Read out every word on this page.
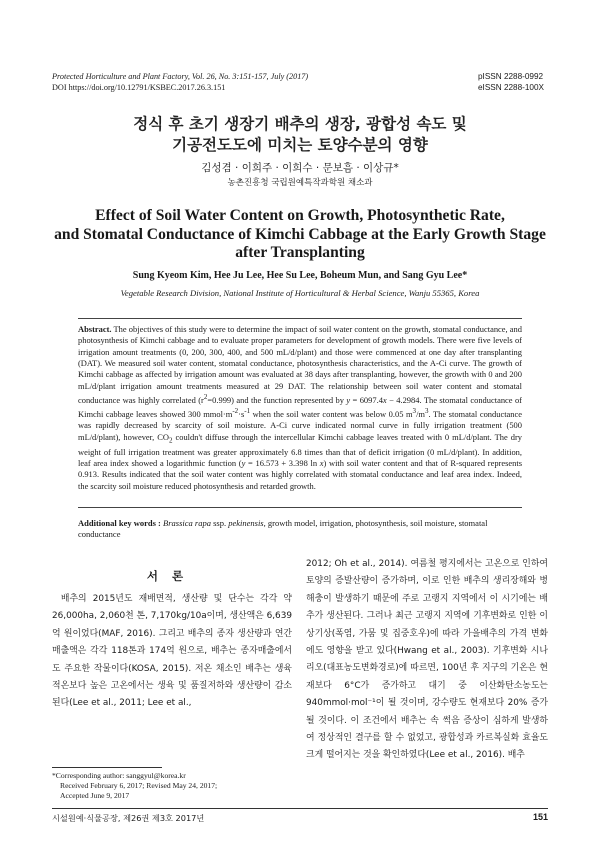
Protected Horticulture and Plant Factory, Vol. 26, No. 3:151-157, July (2017)
DOI https://doi.org/10.12791/KSBEC.2017.26.3.151
pISSN 2288-0992
eISSN 2288-100X
정식 후 초기 생장기 배추의 생장, 광합성 속도 및
기공전도도에 미치는 토양수분의 영향
김성겸 · 이희주 · 이희수 · 문보흠 · 이상규*
농촌진흥청 국립원예특작과학원 채소과
Effect of Soil Water Content on Growth, Photosynthetic Rate,
and Stomatal Conductance of Kimchi Cabbage at the Early Growth Stage
after Transplanting
Sung Kyeom Kim, Hee Ju Lee, Hee Su Lee, Boheum Mun, and Sang Gyu Lee*
Vegetable Research Division, National Institute of Horticultural & Herbal Science, Wanju 55365, Korea
Abstract. The objectives of this study were to determine the impact of soil water content on the growth, stomatal conductance, and photosynthesis of Kimchi cabbage and to evaluate proper parameters for development of growth models. There were five levels of irrigation amount treatments (0, 200, 300, 400, and 500 mL/d/plant) and those were commenced at one day after transplanting (DAT). We measured soil water content, stomatal conductance, photosynthesis characteristics, and the A-Ci curve. The growth of Kimchi cabbage as affected by irrigation amount was evaluated at 38 days after transplanting, however, the growth with 0 and 200 mL/d/plant irrigation amount treatments measured at 29 DAT. The relationship between soil water content and stomatal conductance was highly correlated $(r^2=0.999)$ and the function represented by y = 6097.4x − 4.2984. The stomatal conductance of Kimchi cabbage leaves showed 300 $mmol\cdot m^{-2}\cdot s^{-1}$ when the soil water content was below 0.05 $m^3/m^3$. The stomatal conductance was rapidly decreased by scarcity of soil moisture. A-Ci curve indicated normal curve in fully irrigation treatment (500 mL/d/plant), however, $CO_2$ couldn't diffuse through the intercellular Kimchi cabbage leaves treated with 0 mL/d/plant. The dry weight of full irrigation treatment was greater approximately 6.8 times than that of deficit irrigation (0 mL/d/plant). In addition, leaf area index showed a logarithmic function (y = 16.573 + 3.398 ln x) with soil water content and that of R-squared represents 0.913. Results indicated that the soil water content was highly correlated with stomatal conductance and leaf area index. Indeed, the scarcity soil moisture reduced photosynthesis and retarded growth.
Additional key words : Brassica rapa ssp. pekinensis, growth model, irrigation, photosynthesis, soil moisture, stomatal conductance
서론
배추의 2015년도 재배면적, 생산량 및 단수는 각각 약 26,000ha, 2,060천 톤, 7,170kg/10a이며, 생산액은 6,639억 원이었다(MAF, 2016). 그리고 배추의 종자 생산량과 연간 매출액은 각각 118톤과 174억 원으로, 배추는 종자매출에서도 주요한 작물이다(KOSA, 2015). 저온 채소인 배추는 생육적온보다 높은 고온에서는 생육 및 품질저하와 생산량이 감소된다(Lee et al., 2011; Lee et al.,
2012; Oh et al., 2014). 여름철 평지에서는 고온으로 인하여 토양의 증발산량이 증가하며, 이로 인한 배추의 생리장해와 병해충이 발생하기 때문에 주로 고랭지 지역에서 이 시기에는 배추가 생산된다. 그러나 최근 고랭지 지역에 기후변화로 인한 이상기상(폭염, 가뭄 및 집중호우)에 따라 가을배추의 가격 변화에도 영향을 받고 있다(Hwang et al., 2003). 기후변화 시나리오(대표농도변화경로)에 따르면, 100년 후 지구의 기온은 현재보다 6°C가 증가하고 대기 중 이산화탄소농도는 940mmol·mol⁻¹이 될 것이며, 강수량도 현재보다 20% 증가될 것이다. 이 조건에서 배추는 속 썩음 증상이 심하게 발생하여 정상적인 결구를 할 수 없었고, 광합성과 카르복실화 효율도 크게 떨어지는 것을 확인하였다(Lee et al., 2016). 배추
*Corresponding author: sanggyul@korea.kr
Received February 6, 2017; Revised May 24, 2017;
Accepted June 9, 2017
시설원예·식물공장, 제26권 제3호 2017년	151
